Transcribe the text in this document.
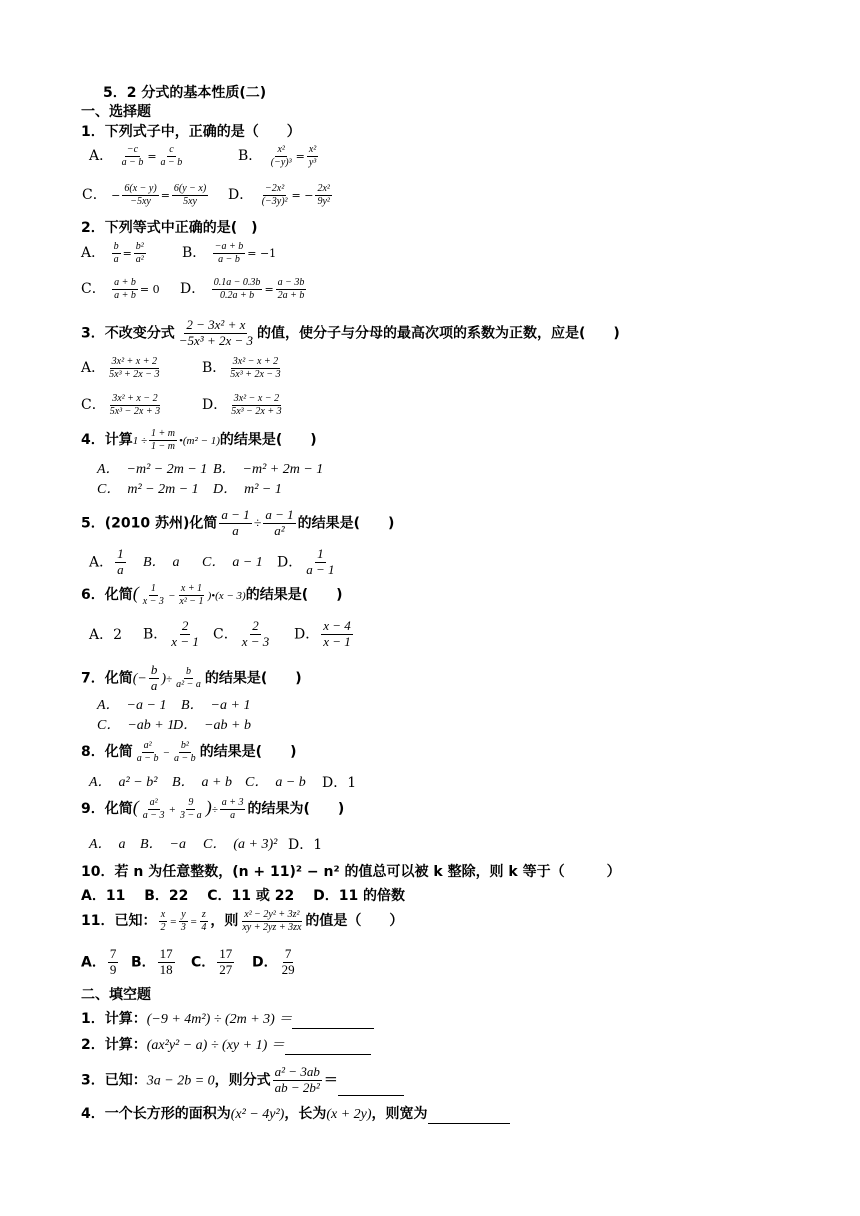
5．2 分式的基本性质(二)
一、选择题
1．下列式子中，正确的是（　　）
A． $\frac{-c}{a - b} = \frac{c}{a - b}$	B． $\frac{\text{x²}}{\text{(−y)³}} = \frac{\text{x²}}{\text{y³}}$
C． − $\frac{6(x - y)}{-5xy} = \frac{6(y - x)}{5xy}$ D． $\frac{\text{−2x²}}{\text{(−3y)²}}$ = − $\frac{\text{2x²}}{\text{9y²}}$
2．下列等式中正确的是(　)
A． $\frac{b}{a} = \frac{\text{b²}}{\text{a²}}$	B． $\frac{-a + b}{a - b} = -1$
C． $\frac{a + b}{a + b} = 0$ D． $\frac{0.1a - 0.3b}{0.2a + b} = \frac{a - 3b}{2a + b}$
3．不改变分式 $\frac{\text{2 − 3x² + x}}{\text{−5x³ + 2x − 3}}$ 的值，使分子与分母的最高次项的系数为正数，应是(　　)
A． $\frac{\text{3x² + x + 2}}{\text{5x³ + 2x − 3}}$	B． $\frac{\text{3x² − x + 2}}{\text{5x³ + 2x − 3}}$
C． $\frac{\text{3x² + x − 2}}{\text{5x³ − 2x + 3}}$	D． $\frac{\text{3x² − x − 2}}{\text{5x³ − 2x + 3}}$
4．计算$1 \div \frac{1 + m}{1 - m}$ •(m² − 1)的结果是(　　)
A．　−m² − 2m − 1 B．　−m² + 2m − 1
C．　m² − 2m − 1 D．　m² − 1
5．(2010 苏州)化简 $\frac{a - 1}{a} \div \frac{a - 1}{\text{a²}}$ 的结果是(　　)
A． $\frac{1}{a}$ B．　a C．　a − 1 D． $\frac{1}{a - 1}$
6．化简( $\frac{1}{x - 3} - \frac{x + 1}{\text{x² − 1}}$ )•(x − 3)的结果是(　　)
A．2 B． $\frac{2}{x - 1}$ C． $\frac{2}{x - 3}$ D． $\frac{x - 4}{x - 1}$
7．化简(− $\frac{b}{a}$ )÷ $\frac{b}{\text{a² − a}}$ 的结果是(　　)
A．　−a − 1 B．　−a + 1
C．　−ab + 1
D．　−ab + b
8．化简 $\frac{\text{a²}}{a - b} - \frac{\text{b²}}{a - b}$ 的结果是(　　)
A．　a² − b² B．　a + b C．　a − b D．1
9．化简( $\frac{\text{a²}}{a - 3} + \frac{9}{3 - a}$ )÷ $\frac{a + 3}{a}$ 的结果为(　　)
A．　a B．　−a C．　(a + 3)² D．1
10．若 n 为任意整数，(n + 11)² − n² 的值总可以被 k 整除，则 k 等于（　　　）
A．11　 B．22　 C．11 或 22　 D．11 的倍数
11．已知： $\frac{x}{2} = \frac{y}{3} = \frac{z}{4}$ ，则 $\frac{\text{x² − 2y² + 3z²}}{xy + 2yz + 3zx}$ 的值是（　　）
A． $\frac{7}{9}$ B． $\frac{17}{18}$ C． $\frac{17}{27}$ D． $\frac{7}{29}$
二、填空题
1．计算：(−9 + 4m²) ÷ (2m + 3) ＝
2．计算：(ax²y² − a) ÷ (xy + 1) ＝
3．已知：3a − 2b = 0，则分式 $\frac{\text{a² − 3ab}}{\text{ab − 2b²}}$ ＝
4．一个长方形的面积为(x² − 4y²)，长为(x + 2y)，则宽为
